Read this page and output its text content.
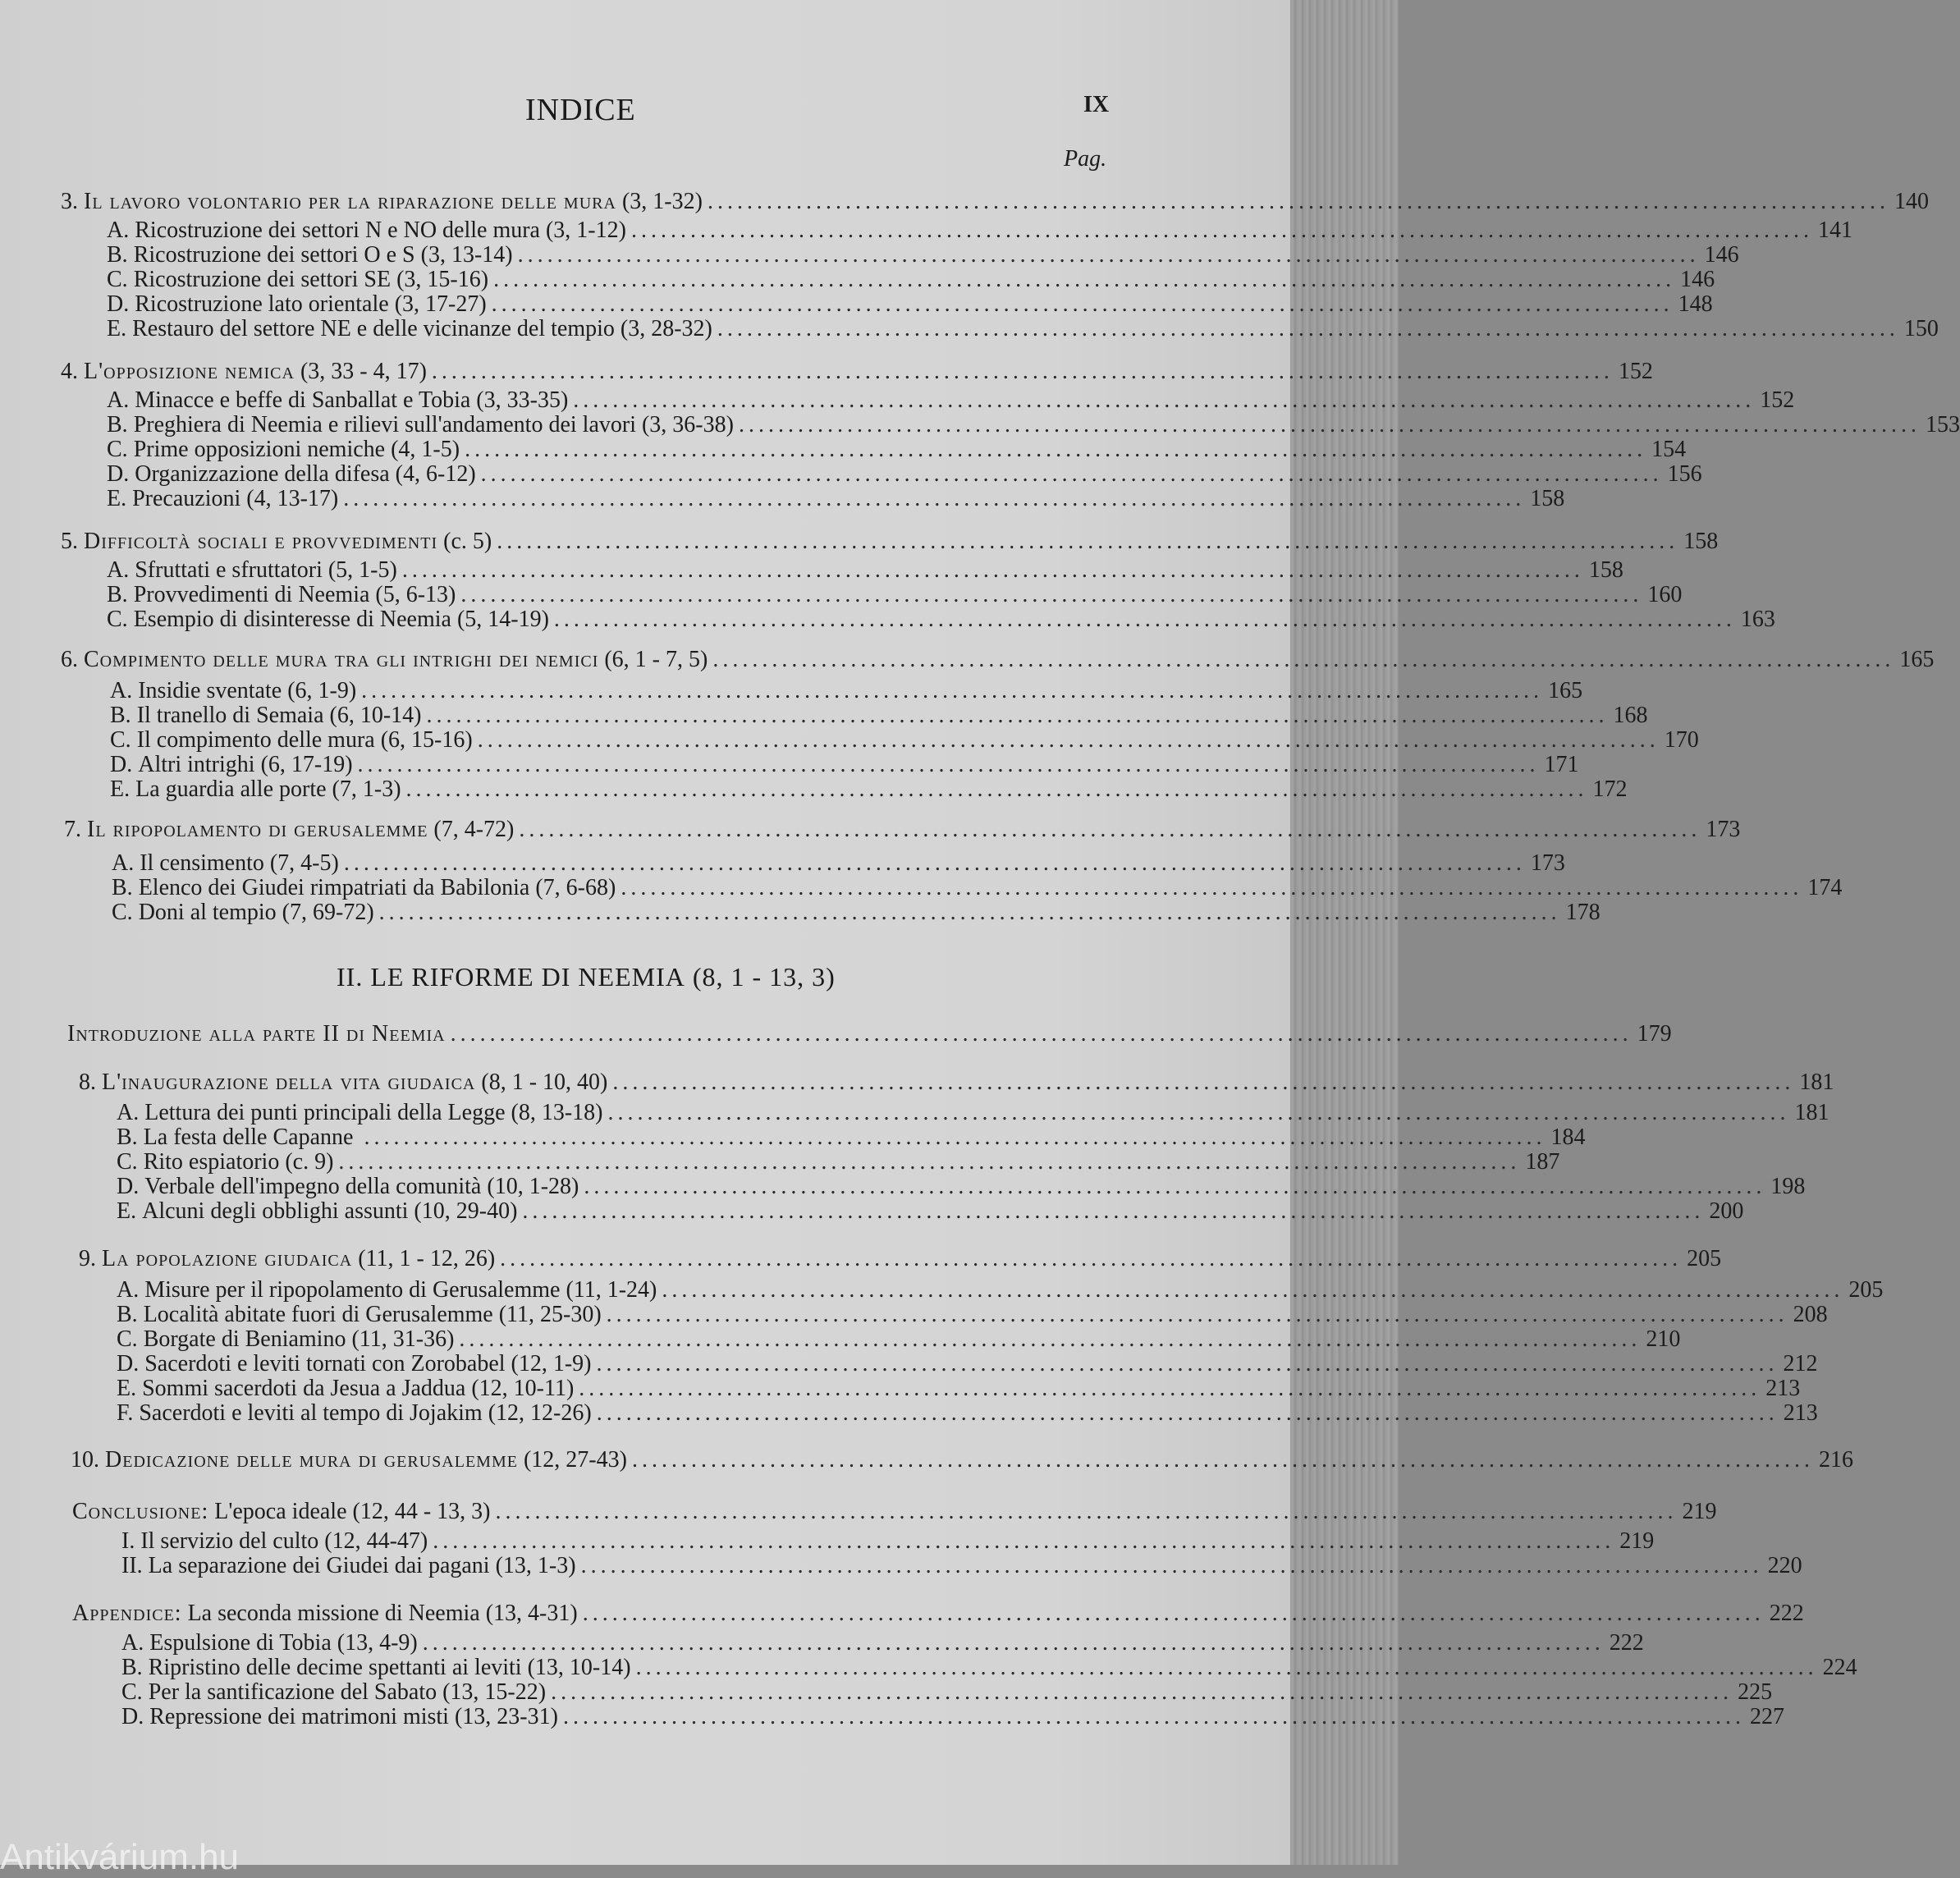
INDICE	IX
Pag.
3.
Il lavoro volontario per la riparazione delle mura (3, 1-32) ........................................................................................................................ 140
A.
Ricostruzione dei settori N e NO delle mura (3, 1-12) ........................................................................................................................ 141
B.
Ricostruzione dei settori O e S (3, 13-14) ........................................................................................................................ 146
C.
Ricostruzione dei settori SE (3, 15-16) ........................................................................................................................ 146
D.
Ricostruzione lato orientale (3, 17-27) ........................................................................................................................ 148
E.
Restauro del settore NE e delle vicinanze del tempio (3, 28-32) ........................................................................................................................ 150
4.
L'opposizione nemica (3, 33 - 4, 17) ........................................................................................................................ 152
A.
Minacce e beffe di Sanballat e Tobia (3, 33-35) ........................................................................................................................ 152
B.
Preghiera di Neemia e rilievi sull'andamento dei lavori (3, 36-38) ........................................................................................................................ 153
C.
Prime opposizioni nemiche (4, 1-5) ........................................................................................................................ 154
D.
Organizzazione della difesa (4, 6-12) ........................................................................................................................ 156
E.
Precauzioni (4, 13-17) ........................................................................................................................ 158
5.
Difficoltà sociali e provvedimenti (c. 5) ........................................................................................................................ 158
A.
Sfruttati e sfruttatori (5, 1-5) ........................................................................................................................ 158
B.
Provvedimenti di Neemia (5, 6-13) ........................................................................................................................ 160
C.
Esempio di disinteresse di Neemia (5, 14-19) ........................................................................................................................ 163
6.
Compimento delle mura tra gli intrighi dei nemici (6, 1 - 7, 5) ........................................................................................................................ 165
A.
Insidie sventate (6, 1-9) ........................................................................................................................ 165
B.
Il tranello di Semaia (6, 10-14) ........................................................................................................................ 168
C.
Il compimento delle mura (6, 15-16) ........................................................................................................................ 170
D.
Altri intrighi (6, 17-19) ........................................................................................................................ 171
E.
La guardia alle porte (7, 1-3) ........................................................................................................................ 172
7.
Il ripopolamento di gerusalemme (7, 4-72) ........................................................................................................................ 173
A.
Il censimento (7, 4-5) ........................................................................................................................ 173
B.
Elenco dei Giudei rimpatriati da Babilonia (7, 6-68) ........................................................................................................................ 174
C.
Doni al tempio (7, 69-72) ........................................................................................................................ 178
II. LE RIFORME DI NEEMIA (8, 1 - 13, 3)
Introduzione alla parte II di Neemia ........................................................................................................................ 179
8.
L'inaugurazione della vita giudaica (8, 1 - 10, 40) ........................................................................................................................ 181
A.
Lettura dei punti principali della Legge (8, 13-18) ........................................................................................................................ 181
B.
La festa delle Capanne ........................................................................................................................ 184
C.
Rito espiatorio (c. 9) ........................................................................................................................ 187
D.
Verbale dell'impegno della comunità (10, 1-28) ........................................................................................................................ 198
E.
Alcuni degli obblighi assunti (10, 29-40) ........................................................................................................................ 200
9.
La popolazione giudaica (11, 1 - 12, 26) ........................................................................................................................ 205
A.
Misure per il ripopolamento di Gerusalemme (11, 1-24) ........................................................................................................................ 205
B.
Località abitate fuori di Gerusalemme (11, 25-30) ........................................................................................................................ 208
C.
Borgate di Beniamino (11, 31-36) ........................................................................................................................ 210
D.
Sacerdoti e leviti tornati con Zorobabel (12, 1-9) ........................................................................................................................ 212
E.
Sommi sacerdoti da Jesua a Jaddua (12, 10-11) ........................................................................................................................ 213
F.
Sacerdoti e leviti al tempo di Jojakim (12, 12-26) ........................................................................................................................ 213
10.
Dedicazione delle mura di gerusalemme
(12, 27-43) ........................................................................................................................ 216
Conclusione:
L'epoca ideale
(12, 44 - 13, 3) ........................................................................................................................ 219
I.
Il servizio del culto (12, 44-47) ........................................................................................................................ 219
II.
La separazione dei Giudei dai pagani (13, 1-3) ........................................................................................................................ 220
Appendice:
La seconda missione di Neemia
(13, 4-31) ........................................................................................................................ 222
A.
Espulsione di Tobia (13, 4-9) ........................................................................................................................ 222
B.
Ripristino delle decime spettanti ai leviti (13, 10-14) ........................................................................................................................ 224
C.
Per la santificazione del Sabato (13, 15-22) ........................................................................................................................ 225
D.
Repressione dei matrimoni misti (13, 23-31) ........................................................................................................................ 227
Antikvárium.hu
